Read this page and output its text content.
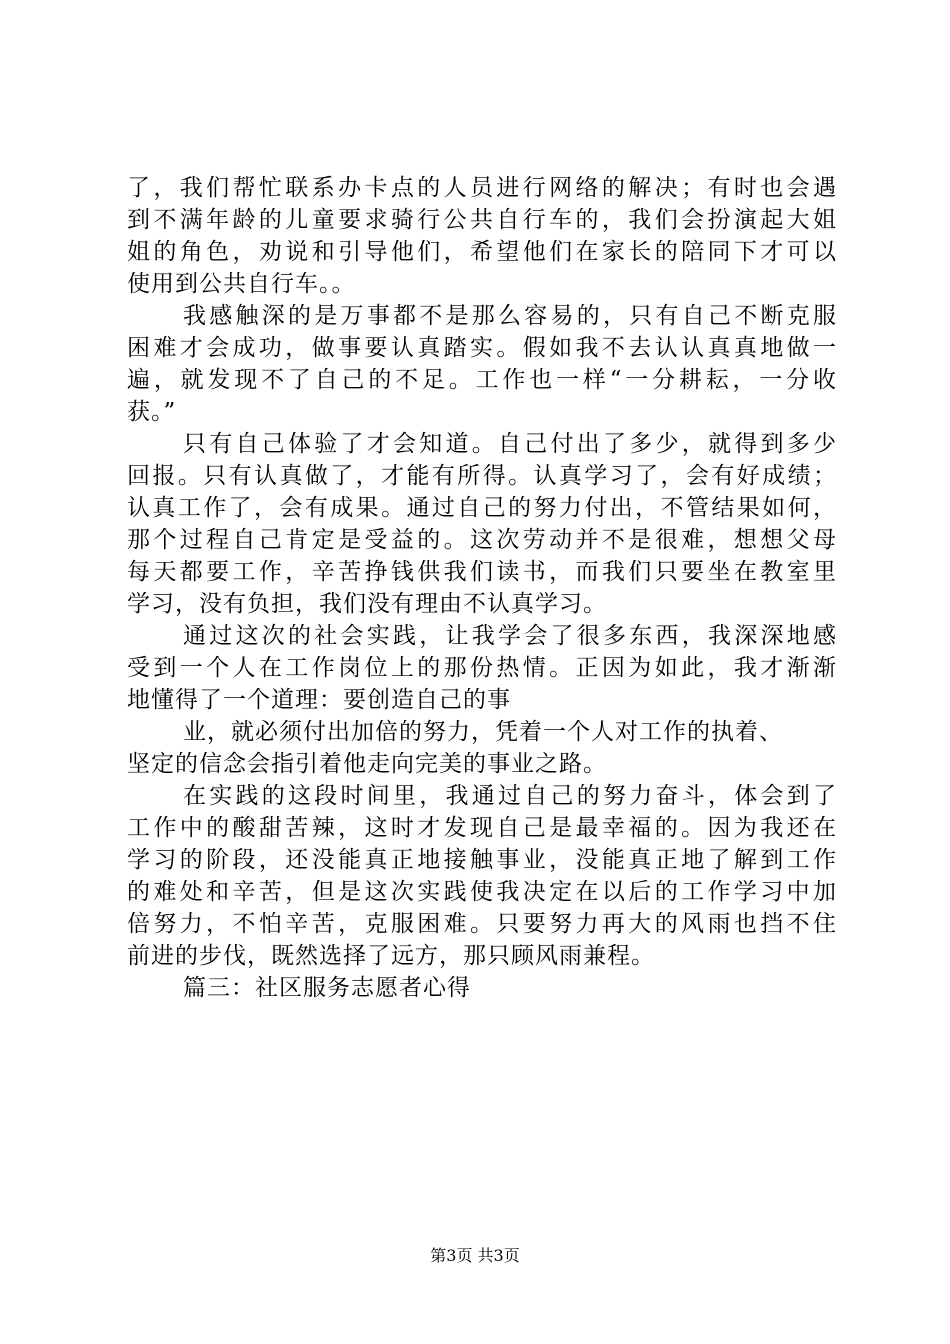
了，我们帮忙联系办卡点的人员进行网络的解决；有时也会遇
到不满年龄的儿童要求骑行公共自行车的，我们会扮演起大姐
姐的角色，劝说和引导他们，希望他们在家长的陪同下才可以
使用到公共自行车。。
我感触深的是万事都不是那么容易的，只有自己不断克服
困难才会成功，做事要认真踏实。假如我不去认认真真地做一
遍，就发现不了自己的不足。工作也一样“一分耕耘，一分收
获。”
只有自己体验了才会知道。自己付出了多少，就得到多少
回报。只有认真做了，才能有所得。认真学习了，会有好成绩；
认真工作了，会有成果。通过自己的努力付出，不管结果如何，
那个过程自己肯定是受益的。这次劳动并不是很难，想想父母
每天都要工作，辛苦挣钱供我们读书，而我们只要坐在教室里
学习，没有负担，我们没有理由不认真学习。
通过这次的社会实践，让我学会了很多东西，我深深地感
受到一个人在工作岗位上的那份热情。正因为如此，我才渐渐
地懂得了一个道理：要创造自己的事
业，就必须付出加倍的努力，凭着一个人对工作的执着、
坚定的信念会指引着他走向完美的事业之路。
在实践的这段时间里，我通过自己的努力奋斗，体会到了
工作中的酸甜苦辣，这时才发现自己是最幸福的。因为我还在
学习的阶段，还没能真正地接触事业，没能真正地了解到工作
的难处和辛苦，但是这次实践使我决定在以后的工作学习中加
倍努力，不怕辛苦，克服困难。只要努力再大的风雨也挡不住
前进的步伐，既然选择了远方，那只顾风雨兼程。
篇三：社区服务志愿者心得
第3页 共3页
